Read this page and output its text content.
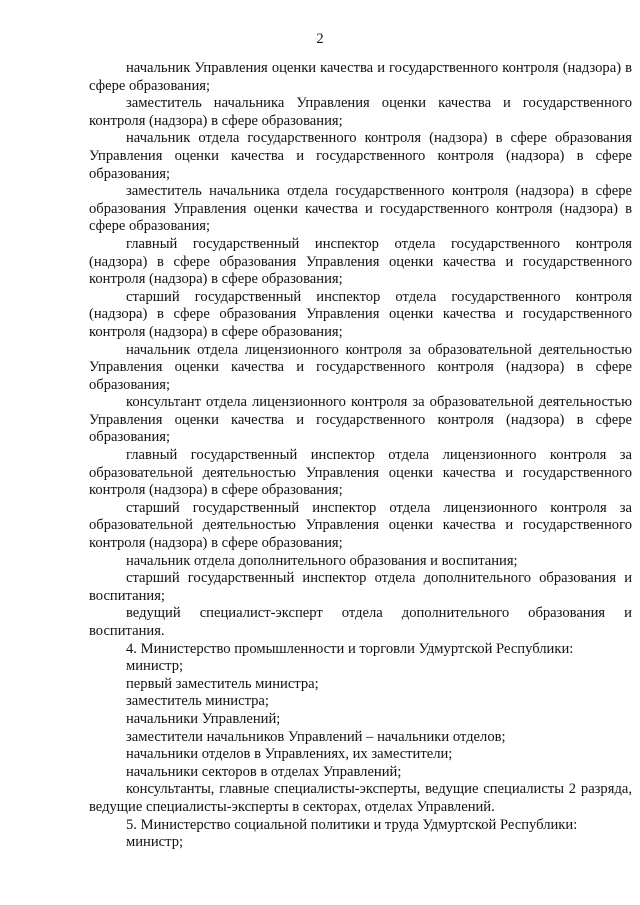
2

начальник Управления оценки качества и государственного контроля (надзора) в сфере образования;

заместитель начальника Управления оценки качества и государственного контроля (надзора) в сфере образования;

начальник отдела государственного контроля (надзора) в сфере образования Управления оценки качества и государственного контроля (надзора) в сфере образования;

заместитель начальника отдела государственного контроля (надзора) в сфере образования Управления оценки качества и государственного контроля (надзора) в сфере образования;

главный государственный инспектор отдела государственного контроля (надзора) в сфере образования Управления оценки качества и государственного контроля (надзора) в сфере образования;

старший государственный инспектор отдела государственного контроля (надзора) в сфере образования Управления оценки качества и государственного контроля (надзора) в сфере образования;

начальник отдела лицензионного контроля за образовательной деятельностью Управления оценки качества и государственного контроля (надзора) в сфере образования;

консультант отдела лицензионного контроля за образовательной деятельностью Управления оценки качества и государственного контроля (надзора) в сфере образования;

главный государственный инспектор отдела лицензионного контроля за образовательной деятельностью Управления оценки качества и государственного контроля (надзора) в сфере образования;

старший государственный инспектор отдела лицензионного контроля за образовательной деятельностью Управления оценки качества и государственного контроля (надзора) в сфере образования;

начальник отдела дополнительного образования и воспитания;

старший государственный инспектор отдела дополнительного образования и воспитания;

ведущий специалист-эксперт отдела дополнительного образования и воспитания.

4. Министерство промышленности и торговли Удмуртской Республики:

министр;

первый заместитель министра;

заместитель министра;

начальники Управлений;

заместители начальников Управлений – начальники отделов;

начальники отделов в Управлениях, их заместители;

начальники секторов в отделах Управлений;

консультанты, главные специалисты-эксперты, ведущие специалисты 2 разряда, ведущие специалисты-эксперты в секторах, отделах Управлений.

5. Министерство социальной политики и труда Удмуртской Республики:

министр;
